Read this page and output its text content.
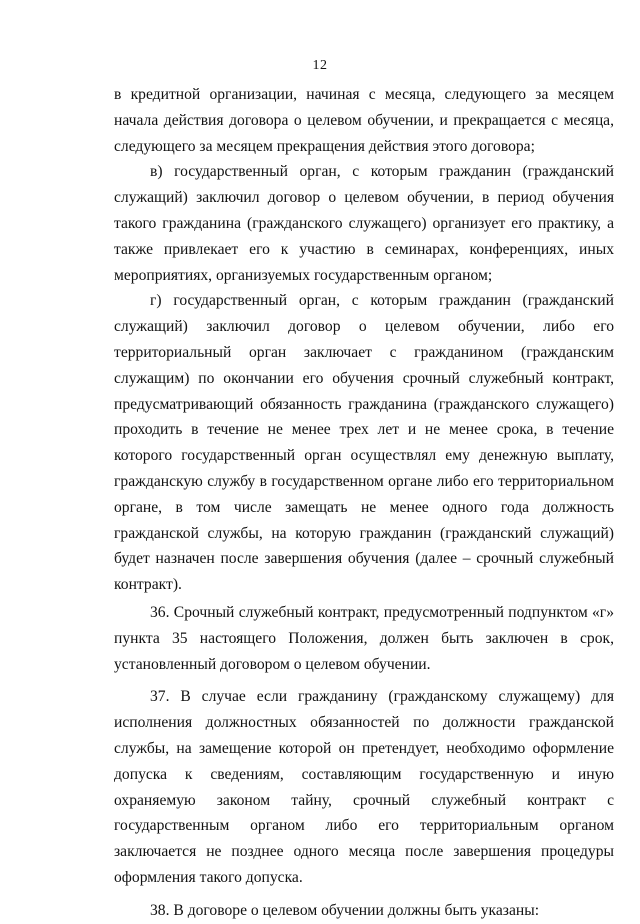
12

в кредитной организации, начиная с месяца, следующего за месяцем начала действия договора о целевом обучении, и прекращается с месяца, следующего за месяцем прекращения действия этого договора;

в) государственный орган, с которым гражданин (гражданский служащий) заключил договор о целевом обучении, в период обучения такого гражданина (гражданского служащего) организует его практику, а также привлекает его к участию в семинарах, конференциях, иных мероприятиях, организуемых государственным органом;

г) государственный орган, с которым гражданин (гражданский служащий) заключил договор о целевом обучении, либо его территориальный орган заключает с гражданином (гражданским служащим) по окончании его обучения срочный служебный контракт, предусматривающий обязанность гражданина (гражданского служащего) проходить в течение не менее трех лет и не менее срока, в течение которого государственный орган осуществлял ему денежную выплату, гражданскую службу в государственном органе либо его территориальном органе, в том числе замещать не менее одного года должность гражданской службы, на которую гражданин (гражданский служащий) будет назначен после завершения обучения (далее – срочный служебный контракт).

36. Срочный служебный контракт, предусмотренный подпунктом «г» пункта 35 настоящего Положения, должен быть заключен в срок, установленный договором о целевом обучении.

37. В случае если гражданину (гражданскому служащему) для исполнения должностных обязанностей по должности гражданской службы, на замещение которой он претендует, необходимо оформление допуска к сведениям, составляющим государственную и иную охраняемую законом тайну, срочный служебный контракт с государственным органом либо его территориальным органом заключается не позднее одного месяца после завершения процедуры оформления такого допуска.

38. В договоре о целевом обучении должны быть указаны:
